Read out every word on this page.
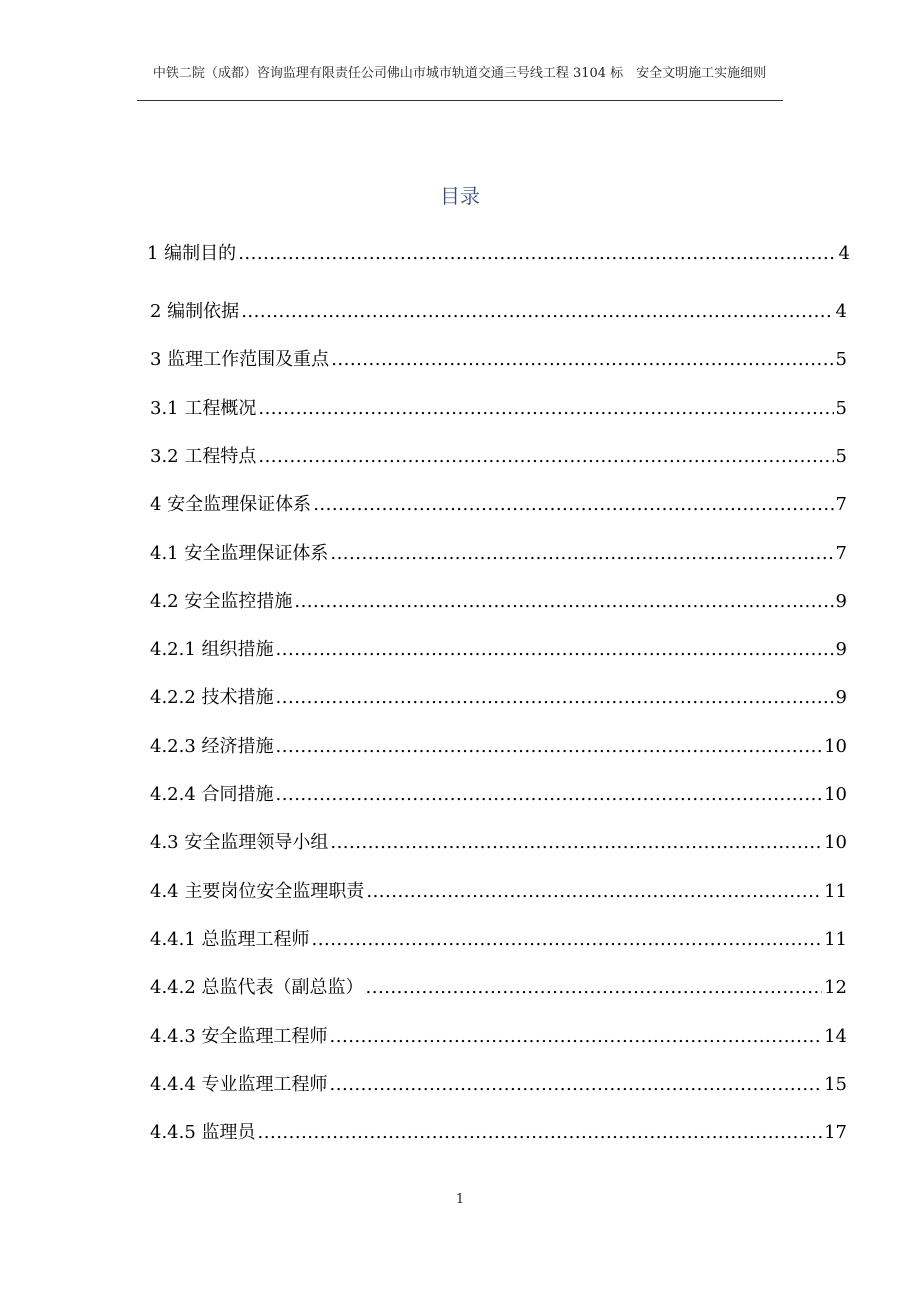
中铁二院（成都）咨询监理有限责任公司佛山市城市轨道交通三号线工程 3104 标　安全文明施工实施细则
目录
1 编制目的 .....	4
2 编制依据 .....	4
3 监理工作范围及重点 .....	5
3.1 工程概况 .....	5
3.2 工程特点 .....	5
4 安全监理保证体系 .....	7
4.1 安全监理保证体系 .....	7
4.2 安全监控措施 .....	9
4.2.1 组织措施 .....	9
4.2.2 技术措施 .....	9
4.2.3 经济措施 .....	10
4.2.4 合同措施 .....	10
4.3 安全监理领导小组 .....	10
4.4 主要岗位安全监理职责 .....	11
4.4.1 总监理工程师 .....	11
4.4.2 总监代表（副总监） .....	12
4.4.3 安全监理工程师 .....	14
4.4.4 专业监理工程师 .....	15
4.4.5 监理员 .....	17
1
